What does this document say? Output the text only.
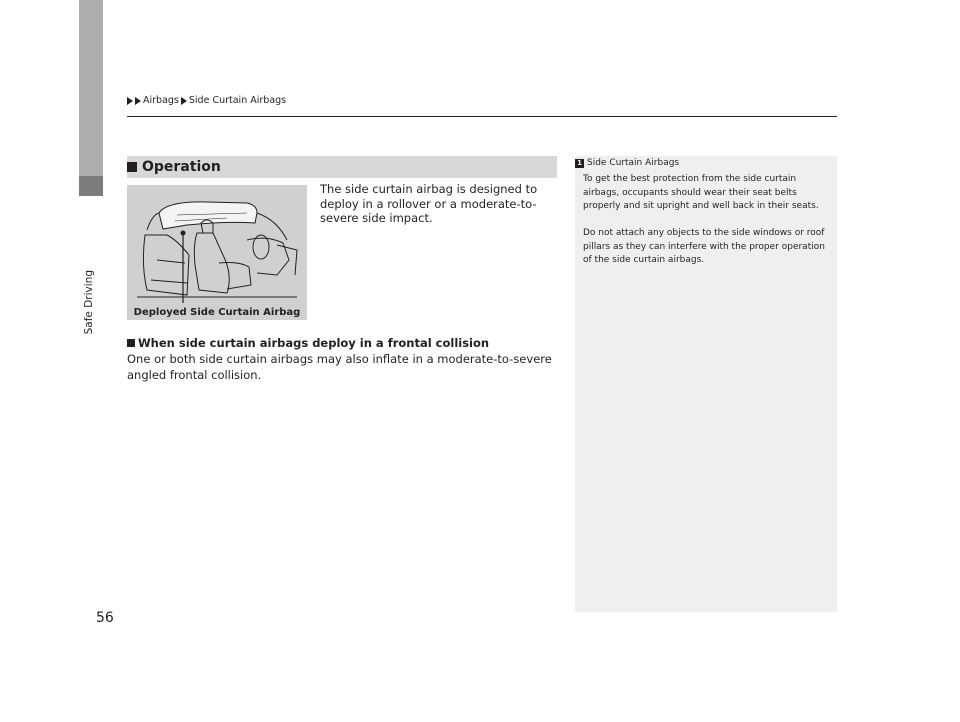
Safe Driving
Airbags Side Curtain Airbags
Operation
Deployed Side Curtain Airbag
The side curtain airbag is designed to deploy in a rollover or a moderate-to-severe side impact.
When side curtain airbags deploy in a frontal collision
One or both side curtain airbags may also inflate in a moderate-to-severe angled frontal collision.
1 Side Curtain Airbags

To get the best protection from the side curtain airbags, occupants should wear their seat belts properly and sit upright and well back in their seats.

Do not attach any objects to the side windows or roof pillars as they can interfere with the proper operation of the side curtain airbags.

56
